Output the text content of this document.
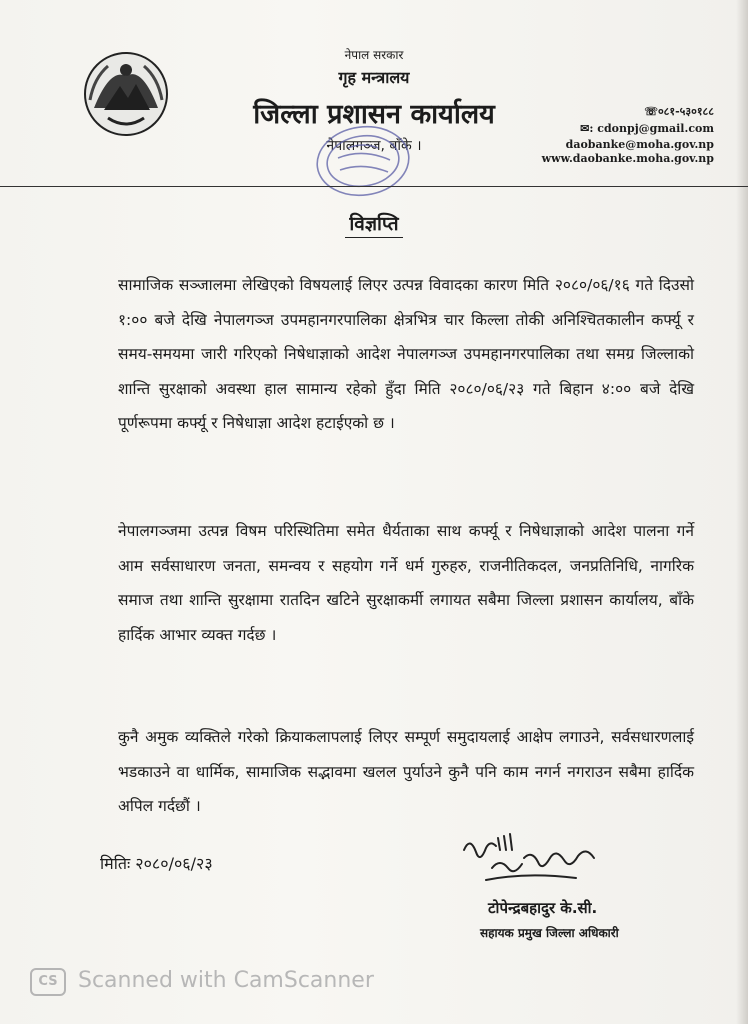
नेपाल सरकार
गृह मन्त्रालय
जिल्ला प्रशासन कार्यालय
नेपालगञ्ज, बाँके ।
☏०८१-५३०१८८
✉: cdonpj@gmail.com
daobanke@moha.gov.np
www.daobanke.moha.gov.np
विज्ञप्ति
सामाजिक सञ्जालमा लेखिएको विषयलाई लिएर उत्पन्न विवादका कारण मिति २०८०/०६/१६ गते दिउसो १:०० बजे देखि नेपालगञ्ज उपमहानगरपालिका क्षेत्रभित्र चार किल्ला तोकी अनिश्चितकालीन कर्फ्यू र समय-समयमा जारी गरिएको निषेधाज्ञाको आदेश नेपालगञ्ज उपमहानगरपालिका तथा समग्र जिल्लाको शान्ति सुरक्षाको अवस्था हाल सामान्य रहेको हुँदा मिति २०८०/०६/२३ गते बिहान ४:०० बजे देखि पूर्णरूपमा कर्फ्यू र निषेधाज्ञा आदेश हटाईएको छ ।
नेपालगञ्जमा उत्पन्न विषम परिस्थितिमा समेत धैर्यताका साथ कर्फ्यू र निषेधाज्ञाको आदेश पालना गर्ने आम सर्वसाधारण जनता, समन्वय र सहयोग गर्ने धर्म गुरुहरु, राजनीतिकदल, जनप्रतिनिधि, नागरिक समाज तथा शान्ति सुरक्षामा रातदिन खटिने सुरक्षाकर्मी लगायत सबैमा जिल्ला प्रशासन कार्यालय, बाँके हार्दिक आभार व्यक्त गर्दछ ।
कुनै अमुक व्यक्तिले गरेको क्रियाकलापलाई लिएर सम्पूर्ण समुदायलाई आक्षेप लगाउने, सर्वसधारणलाई भडकाउने वा धार्मिक, सामाजिक सद्भावमा खलल पुर्याउने कुनै पनि काम नगर्न नगराउन सबैमा हार्दिक अपिल गर्दछौं ।
मितिः २०८०/०६/२३
टोपेन्द्रबहादुर के.सी.
सहायक प्रमुख जिल्ला अधिकारी
CS Scanned with CamScanner
